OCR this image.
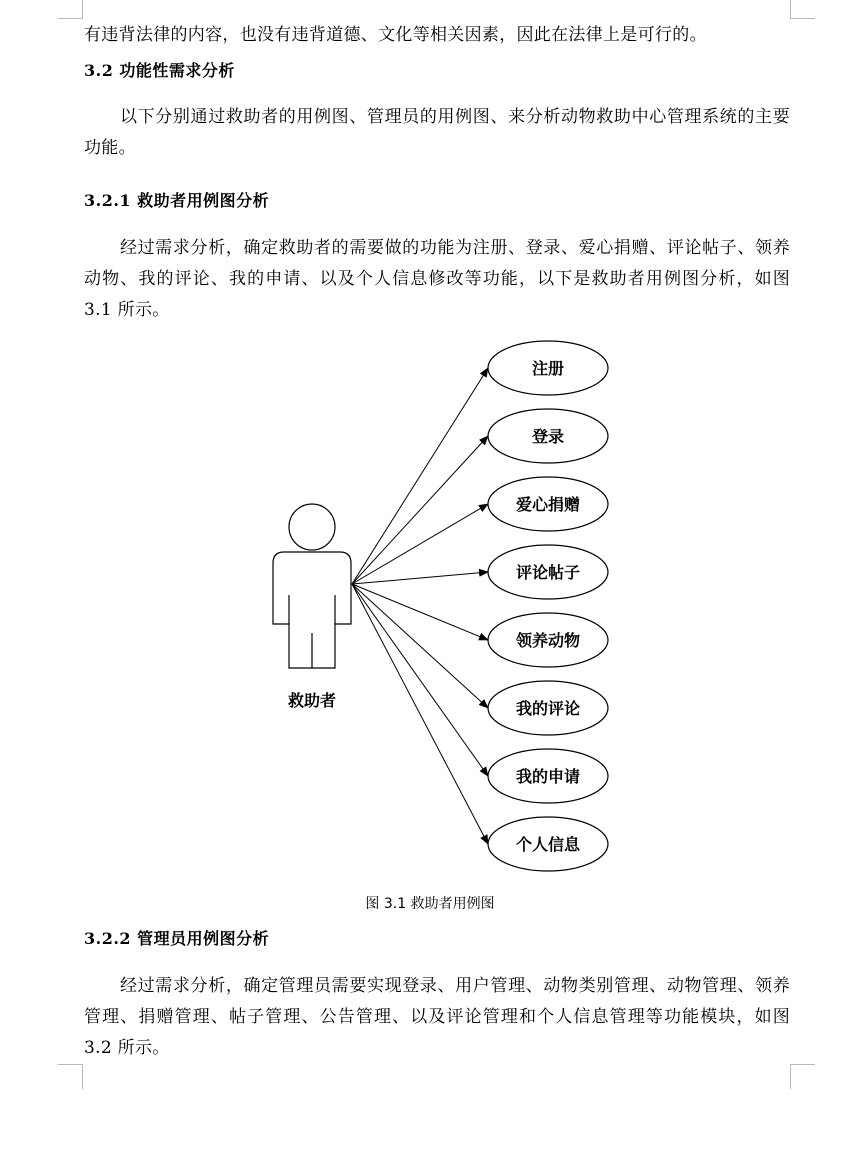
有违背法律的内容，也没有违背道德、文化等相关因素，因此在法律上是可行的。

3.2 功能性需求分析

以下分别通过救助者的用例图、管理员的用例图、来分析动物救助中心管理系统的主要功能。

3.2.1 救助者用例图分析

经过需求分析，确定救助者的需要做的功能为注册、登录、爱心捐赠、评论帖子、领养动物、我的评论、我的申请、以及个人信息修改等功能，以下是救助者用例图分析，如图 3.1 所示。

救助者
注册
登录
爱心捐赠
评论帖子
领养动物
我的评论
我的申请
个人信息
图 3.1 救助者用例图

3.2.2 管理员用例图分析

经过需求分析，确定管理员需要实现登录、用户管理、动物类别管理、动物管理、领养管理、捐赠管理、帖子管理、公告管理、以及评论管理和个人信息管理等功能模块，如图 3.2 所示。
